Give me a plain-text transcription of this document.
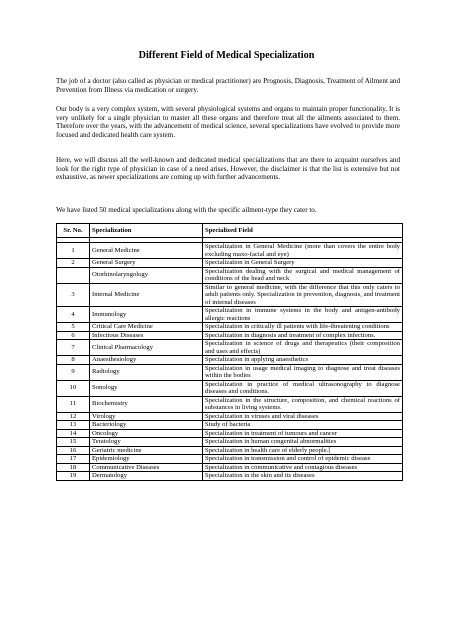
Different Field of Medical Specialization

The job of a doctor (also called as physician or medical practitioner) are Prognosis, Diagnosis, Treatment of Ailment and Prevention from Illness via medication or surgery.

Our body is a very complex system, with several physiological systems and organs to maintain proper functionality. It is very unlikely for a single physician to master all these organs and therefore treat all the ailments associated to them. Therefore over the years, with the advancement of medical science, several specializations have evolved to provide more focused and dedicated health care system.

Here, we will discuss all the well-known and dedicated medical specializations that are there to acquaint ourselves and look for the right type of physician in case of a need arises. However, the disclaimer is that the list is extensive but not exhaustive, as newer specializations are coming up with further advancements.

We have listed 50 medical specializations along with the specific ailment-type they cater to.

Sr. No.	Specialization	Specialized Field

1	General Medicine	Specialization in General Medicine (more than covers the entire body excluding maxo-facial and eye)
2	General Surgery	Specialization in General Surgery
	Otorhinolaryngology	Specialization dealing with the surgical and medical management of conditions of the head and neck
3	Internal Medicine	Similar to general medicine, with the difference that this only caters to adult patients only. Specialization in prevention, diagnosis, and treatment of internal diseases
4	Immunology	Specialization in immune systems in the body and antigen-antibody allergic reactions
5	Critical Care Medicine	Specialization in critically ill patients with life-threatening conditions
6	Infectious Diseases	Specialization in diagnosis and treatment of complex infections.
7	Clinical Pharmacology	Specialization in science of drugs and therapeutics (their composition and uses and effects)
8	Anaesthesiology	Specialization in applying anaesthetics
9	Radiology	Specialization in usage medical imaging to diagnose and treat diseases within the bodies
10	Sonology	Specialization in practice of medical ultrasonography to diagnose diseases and conditions.
11	Biochemistry	Specialization in the structure, composition, and chemical reactions of substances in living systems.
12	Virology	Specialization in viruses and viral diseases
13	Bacteriology	Study of bacteria
14	Oncology	Specialization in treatment of tumours and cancer
15	Teratology	Specialization in human congenital abnormalities
16	Geriatric medicine	Specialization in health care of elderly people.[
17	Epidemiology	Specialization in transmission and control of epidemic disease
18	Communicative Diseases	Specialization in communicative and contagious diseases
19	Dermatology	Specialization in the skin and its diseases
